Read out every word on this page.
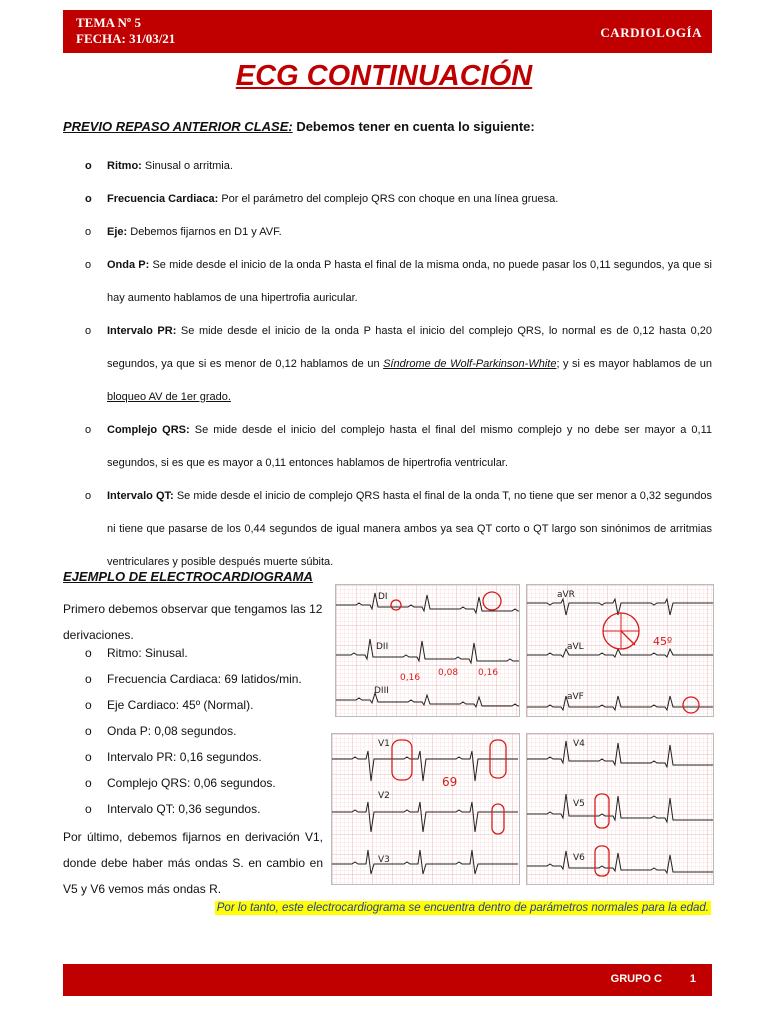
TEMA Nº 5
FECHA: 31/03/21	CARDIOLOGÍA
ECG CONTINUACIÓN
PREVIO REPASO ANTERIOR CLASE: Debemos tener en cuenta lo siguiente:
o Ritmo: Sinusal o arritmia.
o Frecuencia Cardiaca: Por el parámetro del complejo QRS con choque en una línea gruesa.
o Eje: Debemos fijarnos en D1 y AVF.
o Onda P: Se mide desde el inicio de la onda P hasta el final de la misma onda, no puede pasar los 0,11 segundos, ya que si hay aumento hablamos de una hipertrofia auricular.
o Intervalo PR: Se mide desde el inicio de la onda P hasta el inicio del complejo QRS, lo normal es de 0,12 hasta 0,20 segundos, ya que si es menor de 0,12 hablamos de un Síndrome de Wolf-Parkinson-White; y si es mayor hablamos de un bloqueo AV de 1er grado.
o Complejo QRS: Se mide desde el inicio del complejo hasta el final del mismo complejo y no debe ser mayor a 0,11 segundos, si es que es mayor a 0,11 entonces hablamos de hipertrofia ventricular.
o Intervalo QT: Se mide desde el inicio de complejo QRS hasta el final de la onda T, no tiene que ser menor a 0,32 segundos ni tiene que pasarse de los 0,44 segundos de igual manera ambos ya sea QT corto o QT largo son sinónimos de arritmias ventriculares y posible después muerte súbita.
EJEMPLO DE ELECTROCARDIOGRAMA
Primero debemos observar que tengamos las 12 derivaciones.
o Ritmo: Sinusal.
o Frecuencia Cardiaca: 69 latidos/min.
o Eje Cardiaco: 45º (Normal).
o Onda P: 0,08 segundos.
o Intervalo PR: 0,16 segundos.
o Complejo QRS: 0,06 segundos.
o Intervalo QT: 0,36 segundos.
Por último, debemos fijarnos en derivación V1, donde debe haber más ondas S. en cambio en V5 y V6 vemos más ondas R.
DI
DII
DIII
0,16 0,08 0,16
aVR
aVL
aVF
45º
V1
V2
V3
69
V4
V5
V6
Por lo tanto, este electrocardiograma se encuentra dentro de parámetros normales para la edad.
GRUPO C	1
